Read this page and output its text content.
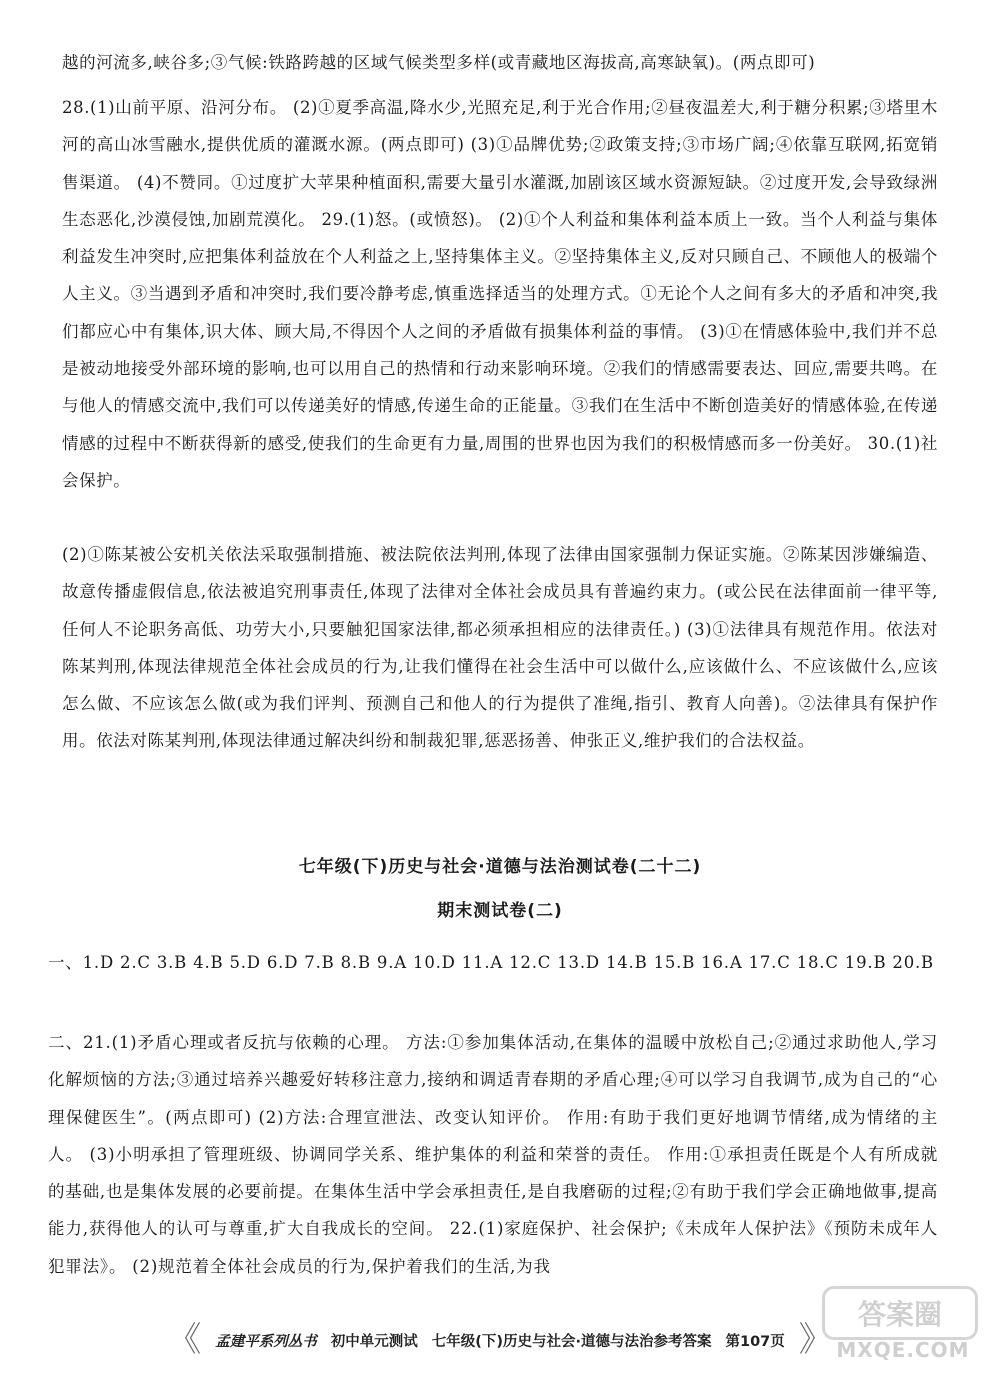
越的河流多,峡谷多;③气候:铁路跨越的区域气候类型多样(或青藏地区海拔高,高寒缺氧)。(两点即可)

28.(1)山前平原、沿河分布。 (2)①夏季高温,降水少,光照充足,利于光合作用;②昼夜温差大,利于糖分积累;③塔里木河的高山冰雪融水,提供优质的灌溉水源。(两点即可) (3)①品牌优势;②政策支持;③市场广阔;④依靠互联网,拓宽销售渠道。 (4)不赞同。①过度扩大苹果种植面积,需要大量引水灌溉,加剧该区域水资源短缺。②过度开发,会导致绿洲生态恶化,沙漠侵蚀,加剧荒漠化。 29.(1)怒。(或愤怒)。 (2)①个人利益和集体利益本质上一致。当个人利益与集体利益发生冲突时,应把集体利益放在个人利益之上,坚持集体主义。②坚持集体主义,反对只顾自己、不顾他人的极端个人主义。③当遇到矛盾和冲突时,我们要冷静考虑,慎重选择适当的处理方式。①无论个人之间有多大的矛盾和冲突,我们都应心中有集体,识大体、顾大局,不得因个人之间的矛盾做有损集体利益的事情。 (3)①在情感体验中,我们并不总是被动地接受外部环境的影响,也可以用自己的热情和行动来影响环境。②我们的情感需要表达、回应,需要共鸣。在与他人的情感交流中,我们可以传递美好的情感,传递生命的正能量。③我们在生活中不断创造美好的情感体验,在传递情感的过程中不断获得新的感受,使我们的生命更有力量,周围的世界也因为我们的积极情感而多一份美好。 30.(1)社会保护。

(2)①陈某被公安机关依法采取强制措施、被法院依法判刑,体现了法律由国家强制力保证实施。②陈某因涉嫌编造、故意传播虚假信息,依法被追究刑事责任,体现了法律对全体社会成员具有普遍约束力。(或公民在法律面前一律平等,任何人不论职务高低、功劳大小,只要触犯国家法律,都必须承担相应的法律责任。) (3)①法律具有规范作用。依法对陈某判刑,体现法律规范全体社会成员的行为,让我们懂得在社会生活中可以做什么,应该做什么、不应该做什么,应该怎么做、不应该怎么做(或为我们评判、预测自己和他人的行为提供了准绳,指引、教育人向善)。②法律具有保护作用。依法对陈某判刑,体现法律通过解决纠纷和制裁犯罪,惩恶扬善、伸张正义,维护我们的合法权益。

七年级(下)历史与社会·道德与法治测试卷(二十二)
期末测试卷(二)

一、1.D 2.C 3.B 4.B 5.D 6.D 7.B 8.B 9.A 10.D 11.A 12.C 13.D 14.B 15.B 16.A 17.C 18.C 19.B 20.B

二、21.(1)矛盾心理或者反抗与依赖的心理。 方法:①参加集体活动,在集体的温暖中放松自己;②通过求助他人,学习化解烦恼的方法;③通过培养兴趣爱好转移注意力,接纳和调适青春期的矛盾心理;④可以学习自我调节,成为自己的“心理保健医生”。(两点即可) (2)方法:合理宣泄法、改变认知评价。 作用:有助于我们更好地调节情绪,成为情绪的主人。 (3)小明承担了管理班级、协调同学关系、维护集体的利益和荣誉的责任。 作用:①承担责任既是个人有所成就的基础,也是集体发展的必要前提。在集体生活中学会承担责任,是自我磨砺的过程;②有助于我们学会正确地做事,提高能力,获得他人的认可与尊重,扩大自我成长的空间。 22.(1)家庭保护、社会保护;《未成年人保护法》《预防未成年人犯罪法》。 (2)规范着全体社会成员的行为,保护着我们的生活,为我

《 孟建平系列丛书 初中单元测试 七年级(下)历史与社会·道德与法治参考答案 第107页 》
答案圈
MXQE.COM
